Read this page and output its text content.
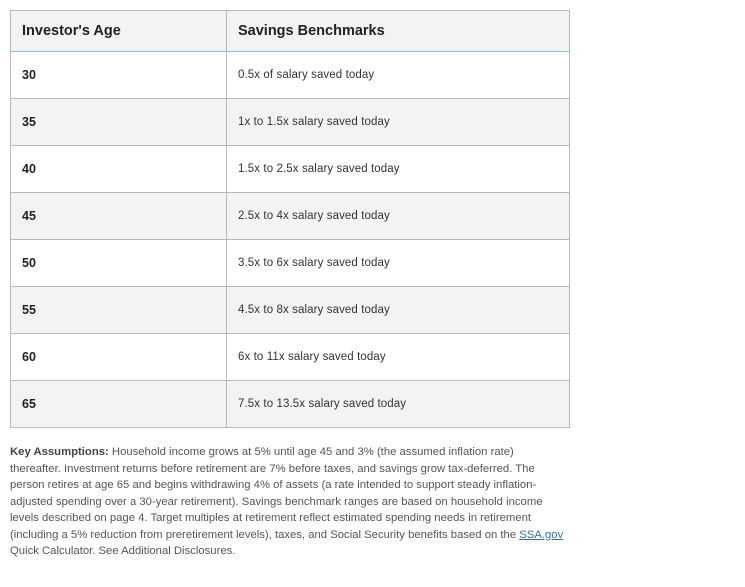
Investor's Age	Savings Benchmarks
30	0.5x of salary saved today
35	1x to 1.5x salary saved today
40	1.5x to 2.5x salary saved today
45	2.5x to 4x salary saved today
50	3.5x to 6x salary saved today
55	4.5x to 8x salary saved today
60	6x to 11x salary saved today
65	7.5x to 13.5x salary saved today
Key Assumptions: Household income grows at 5% until age 45 and 3% (the assumed inflation rate) thereafter. Investment returns before retirement are 7% before taxes, and savings grow tax-deferred. The person retires at age 65 and begins withdrawing 4% of assets (a rate intended to support steady inflation-adjusted spending over a 30-year retirement). Savings benchmark ranges are based on household income levels described on page 4. Target multiples at retirement reflect estimated spending needs in retirement (including a 5% reduction from preretirement levels), taxes, and Social Security benefits based on the SSA.gov Quick Calculator. See Additional Disclosures.
